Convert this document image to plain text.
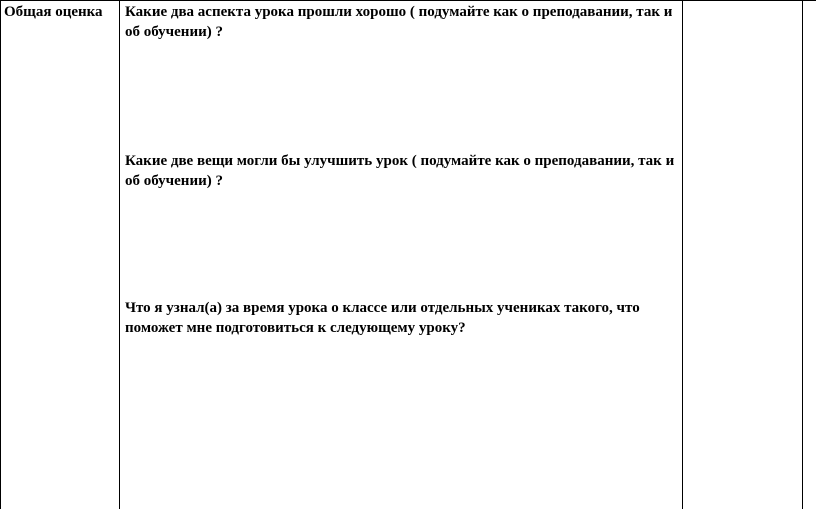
Общая оценка Какие два аспекта урока прошли хорошо ( подумайте как о преподавании, так и об обучении) ?
Какие две вещи могли бы улучшить урок ( подумайте как о преподавании, так и об обучении) ?
Что я узнал(а) за время урока о классе или отдельных учениках такого, что поможет мне подготовиться к следующему уроку?
